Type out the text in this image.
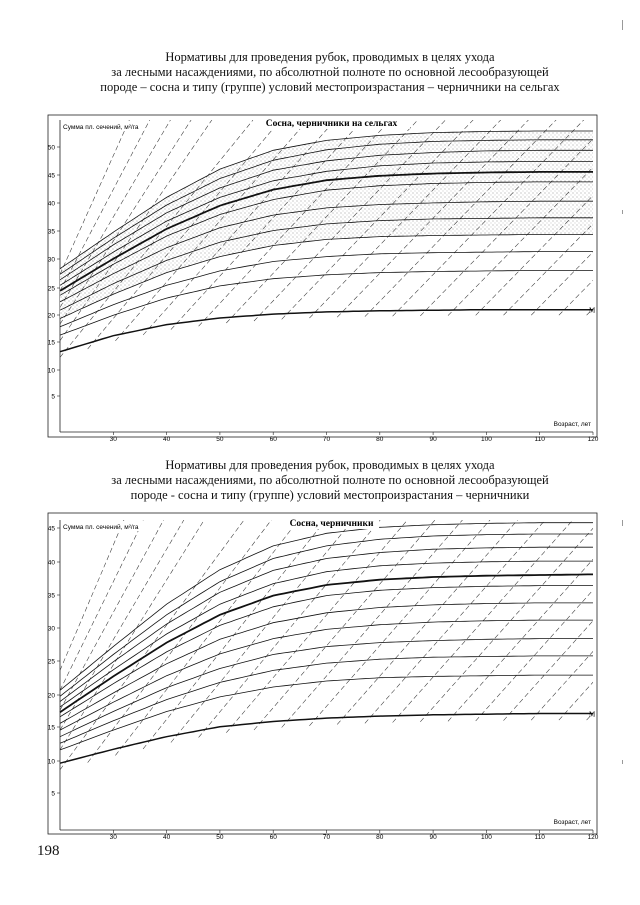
Нормативы для проведения рубок, проводимых в целях ухода
за лесными насаждениями, по абсолютной полноте по основной лесообразующей
породе – сосна и типу (группе) условий местопроизрастания – черничники на сельгах
Нормативы для проведения рубок, проводимых в целях ухода
за лесными насаждениями, по абсолютной полноте по основной лесообразующей
породе - сосна и типу (группе) условий местопроизрастания – черничники
M
5
10
15
20
25
30
35
40
45
50
30	40	50	60	70	80	90	100	110	120
Сумма пл. сечений, м²/га	Сосна, черничники на сельгах
Возраст, лет
M
5
10
15
20
25
30
35
40
45
30	40	50	60	70	80	90	100	110	120
Сумма пл. сечений, м²/га	Сосна, черничники
Возраст, лет
198
